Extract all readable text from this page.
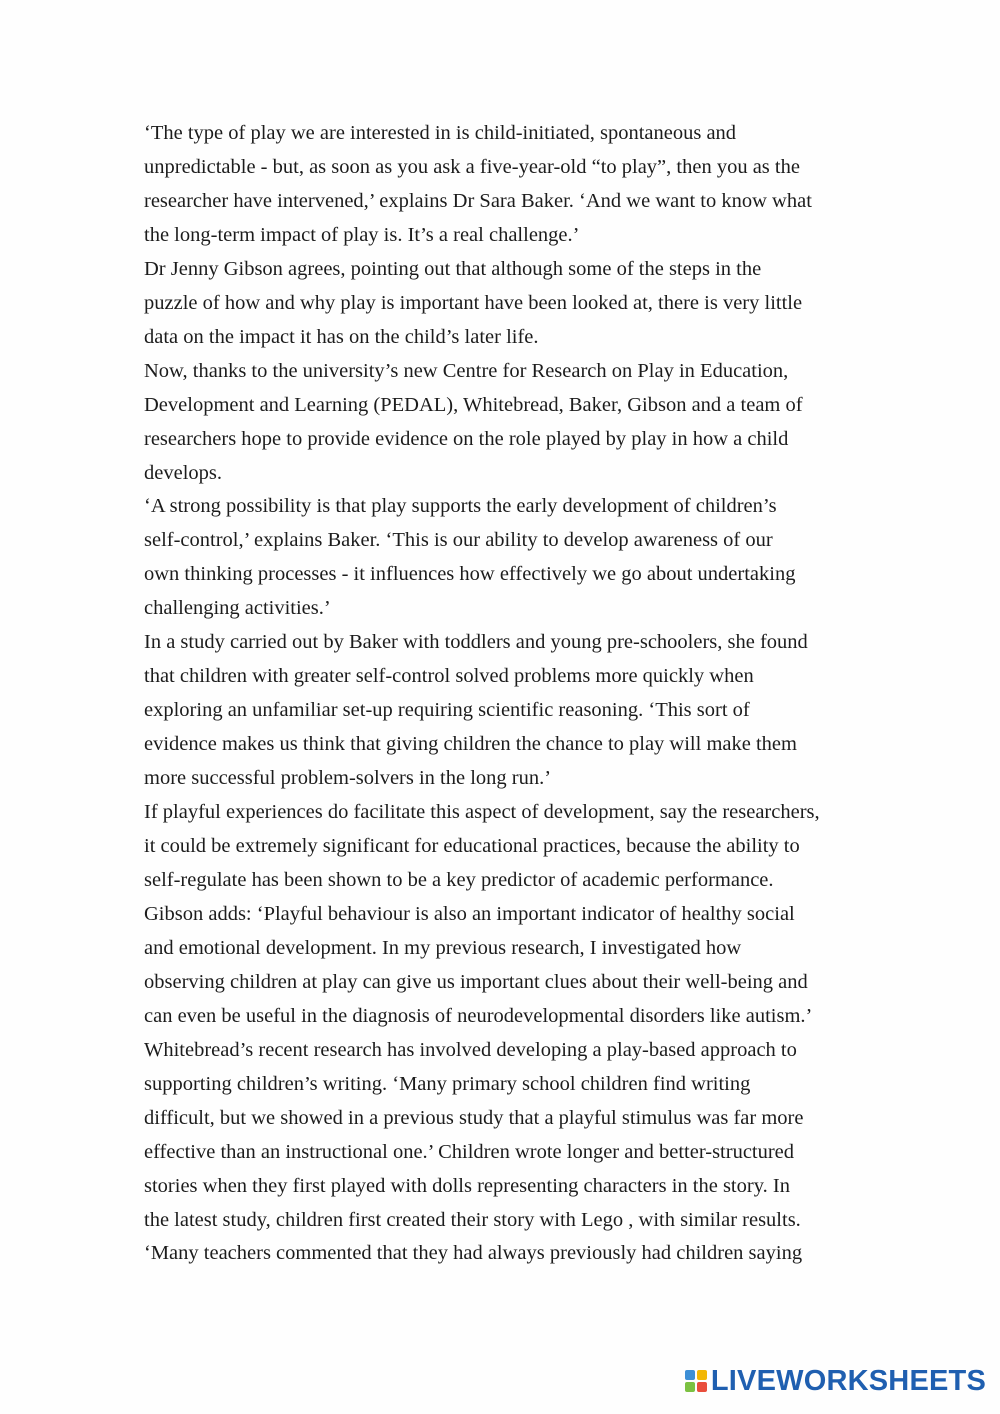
‘The type of play we are interested in is child-initiated, spontaneous and
unpredictable - but, as soon as you ask a five-year-old “to play”, then you as the
researcher have intervened,’ explains Dr Sara Baker. ‘And we want to know what
the long-term impact of play is. It’s a real challenge.’
Dr Jenny Gibson agrees, pointing out that although some of the steps in the
puzzle of how and why play is important have been looked at, there is very little
data on the impact it has on the child’s later life.
Now, thanks to the university’s new Centre for Research on Play in Education,
Development and Learning (PEDAL), Whitebread, Baker, Gibson and a team of
researchers hope to provide evidence on the role played by play in how a child
develops.
‘A strong possibility is that play supports the early development of children’s
self-control,’ explains Baker. ‘This is our ability to develop awareness of our
own thinking processes - it influences how effectively we go about undertaking
challenging activities.’
In a study carried out by Baker with toddlers and young pre-schoolers, she found
that children with greater self-control solved problems more quickly when
exploring an unfamiliar set-up requiring scientific reasoning. ‘This sort of
evidence makes us think that giving children the chance to play will make them
more successful problem-solvers in the long run.’
If playful experiences do facilitate this aspect of development, say the researchers,
it could be extremely significant for educational practices, because the ability to
self-regulate has been shown to be a key predictor of academic performance.
Gibson adds: ‘Playful behaviour is also an important indicator of healthy social
and emotional development. In my previous research, I investigated how
observing children at play can give us important clues about their well-being and
can even be useful in the diagnosis of neurodevelopmental disorders like autism.’
Whitebread’s recent research has involved developing a play-based approach to
supporting children’s writing. ‘Many primary school children find writing
difficult, but we showed in a previous study that a playful stimulus was far more
effective than an instructional one.’ Children wrote longer and better-structured
stories when they first played with dolls representing characters in the story. In
the latest study, children first created their story with Lego , with similar results.
‘Many teachers commented that they had always previously had children saying
LIVEWORKSHEETS
